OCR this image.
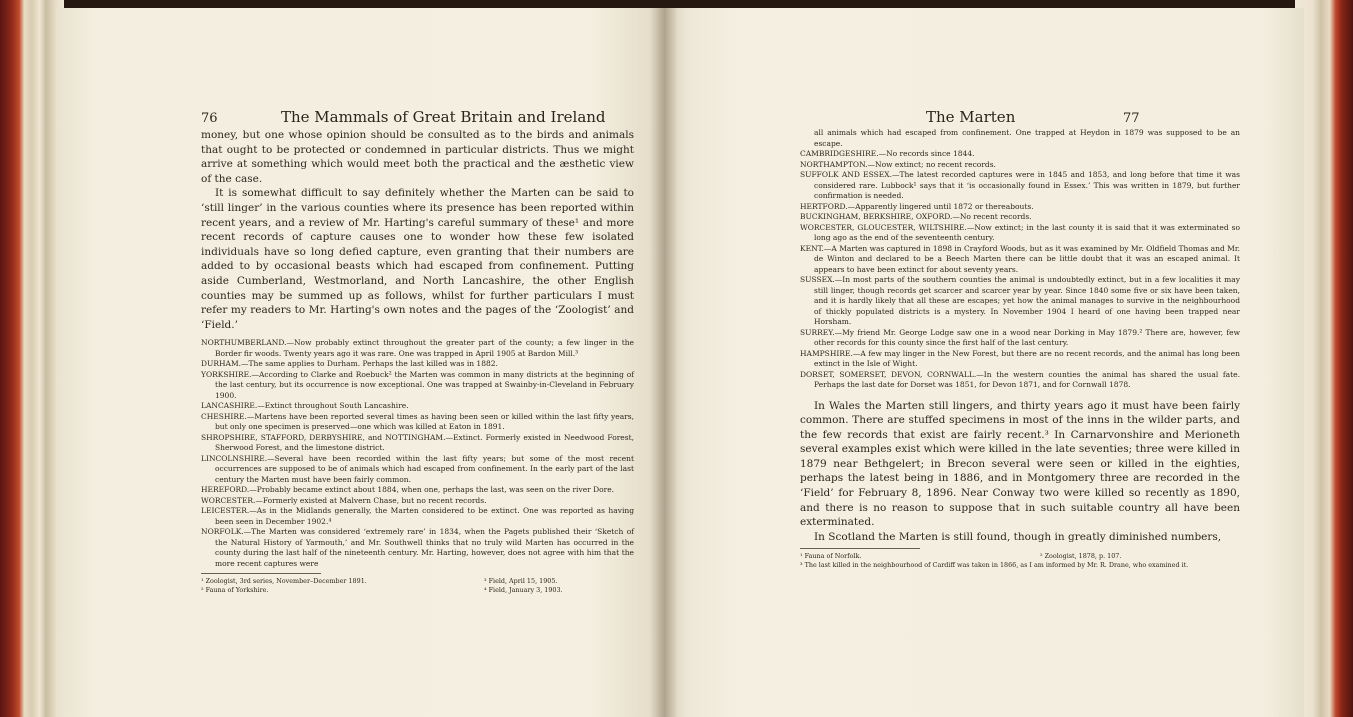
76	The Mammals of Great Britain and Ireland

money, but one whose opinion should be consulted as to the birds and animals that ought to be protected or condemned in particular districts. Thus we might arrive at something which would meet both the practical and the æsthetic view of the case.

It is somewhat difficult to say definitely whether the Marten can be said to ‘still linger’ in the various counties where its presence has been reported within recent years, and a review of Mr. Harting's careful summary of these¹ and more recent records of capture causes one to wonder how these few isolated individuals have so long defied capture, even granting that their numbers are added to by occasional beasts which had escaped from confinement. Putting aside Cumberland, Westmorland, and North Lancashire, the other English counties may be summed up as follows, whilst for further particulars I must refer my readers to Mr. Harting's own notes and the pages of the ‘Zoologist’ and ‘Field.’

NORTHUMBERLAND.—Now probably extinct throughout the greater part of the county; a few linger in the Border fir woods. Twenty years ago it was rare. One was trapped in April 1905 at Bardon Mill.³

DURHAM.—The same applies to Durham. Perhaps the last killed was in 1882.

YORKSHIRE.—According to Clarke and Roebuck² the Marten was common in many districts at the beginning of the last century, but its occurrence is now exceptional. One was trapped at Swainby-in-Cleveland in February 1900.

LANCASHIRE.—Extinct throughout South Lancashire.

CHESHIRE.—Martens have been reported several times as having been seen or killed within the last fifty years, but only one specimen is preserved—one which was killed at Eaton in 1891.

SHROPSHIRE, STAFFORD, DERBYSHIRE, and NOTTINGHAM.—Extinct. Formerly existed in Needwood Forest, Sherwood Forest, and the limestone district.

LINCOLNSHIRE.—Several have been recorded within the last fifty years; but some of the most recent occurrences are supposed to be of animals which had escaped from confinement. In the early part of the last century the Marten must have been fairly common.

HEREFORD.—Probably became extinct about 1884, when one, perhaps the last, was seen on the river Dore.

WORCESTER.—Formerly existed at Malvern Chase, but no recent records.

LEICESTER.—As in the Midlands generally, the Marten considered to be extinct. One was reported as having been seen in December 1902.⁴

NORFOLK.—The Marten was considered ‘extremely rare’ in 1834, when the Pagets published their ‘Sketch of the Natural History of Yarmouth,’ and Mr. Southwell thinks that no truly wild Marten has occurred in the county during the last half of the nineteenth century. Mr. Harting, however, does not agree with him that the more recent captures were

¹ Zoologist, 3rd series, November–December 1891.	³ Field, April 15, 1905.
² Fauna of Yorkshire.	⁴ Field, January 3, 1903.
The Marten	77

all animals which had escaped from confinement. One trapped at Heydon in 1879 was supposed to be an escape.

CAMBRIDGESHIRE.—No records since 1844.

NORTHAMPTON.—Now extinct; no recent records.

SUFFOLK AND ESSEX.—The latest recorded captures were in 1845 and 1853, and long before that time it was considered rare. Lubbock¹ says that it ‘is occasionally found in Essex.’ This was written in 1879, but further confirmation is needed.

HERTFORD.—Apparently lingered until 1872 or thereabouts.

BUCKINGHAM, BERKSHIRE, OXFORD.—No recent records.

WORCESTER, GLOUCESTER, WILTSHIRE.—Now extinct; in the last county it is said that it was exterminated so long ago as the end of the seventeenth century.

KENT.—A Marten was captured in 1898 in Crayford Woods, but as it was examined by Mr. Oldfield Thomas and Mr. de Winton and declared to be a Beech Marten there can be little doubt that it was an escaped animal. It appears to have been extinct for about seventy years.

SUSSEX.—In most parts of the southern counties the animal is undoubtedly extinct, but in a few localities it may still linger, though records get scarcer and scarcer year by year. Since 1840 some five or six have been taken, and it is hardly likely that all these are escapes; yet how the animal manages to survive in the neighbourhood of thickly populated districts is a mystery. In November 1904 I heard of one having been trapped near Horsham.

SURREY.—My friend Mr. George Lodge saw one in a wood near Dorking in May 1879.² There are, however, few other records for this county since the first half of the last century.

HAMPSHIRE.—A few may linger in the New Forest, but there are no recent records, and the animal has long been extinct in the Isle of Wight.

DORSET, SOMERSET, DEVON, CORNWALL.—In the western counties the animal has shared the usual fate. Perhaps the last date for Dorset was 1851, for Devon 1871, and for Cornwall 1878.

In Wales the Marten still lingers, and thirty years ago it must have been fairly common. There are stuffed specimens in most of the inns in the wilder parts, and the few records that exist are fairly recent.³ In Carnarvonshire and Merioneth several examples exist which were killed in the late seventies; three were killed in 1879 near Bethgelert; in Brecon several were seen or killed in the eighties, perhaps the latest being in 1886, and in Montgomery three are recorded in the ‘Field’ for February 8, 1896. Near Conway two were killed so recently as 1890, and there is no reason to suppose that in such suitable country all have been exterminated.

In Scotland the Marten is still found, though in greatly diminished numbers,

¹ Fauna of Norfolk.	² Zoologist, 1878, p. 107.
³ The last killed in the neighbourhood of Cardiff was taken in 1866, as I am informed by Mr. R. Drane, who examined it.
